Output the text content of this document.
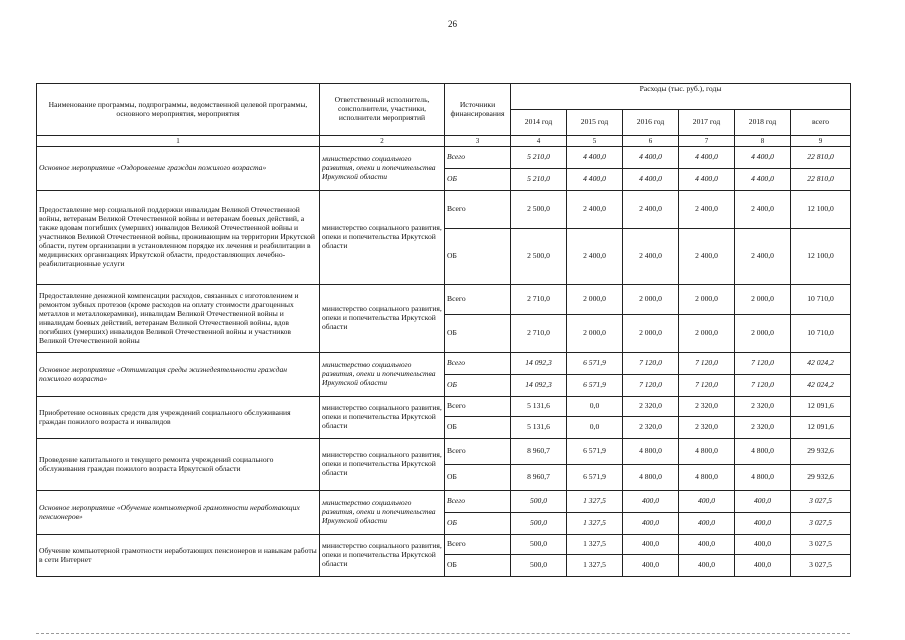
26
Наименование программы, подпрограммы, ведомственной целевой программы, основного мероприятия, мероприятия	Ответственный исполнитель, соисполнители, участники, исполнители мероприятий	Источники финансирования	Расходы (тыс. руб.), годы					
			2014 год	2015 год	2016 год	2017 год	2018 год	всего
1	2	3	4	5	6	7	8	9
Основное мероприятие «Оздоровление граждан пожилого возраста»	министерство социального развития, опеки и попечительства Иркутской области	Всего	5 210,0	4 400,0	4 400,0	4 400,0	4 400,0	22 810,0
		ОБ	5 210,0	4 400,0	4 400,0	4 400,0	4 400,0	22 810,0
Предоставление мер социальной поддержки инвалидам Великой Отечественной войны, ветеранам Великой Отечественной войны и ветеранам боевых действий, а также вдовам погибших (умерших) инвалидов Великой Отечественной войны и участников Великой Отечественной войны, проживающим на территории Иркутской области, путем организации в установленном порядке их лечения и реабилитации в медицинских организациях Иркутской области, предоставляющих лечебно-реабилитационные услуги	министерство социального развития, опеки и попечительства Иркутской области	Всего	2 500,0	2 400,0	2 400,0	2 400,0	2 400,0	12 100,0
		ОБ	2 500,0	2 400,0	2 400,0	2 400,0	2 400,0	12 100,0
Предоставление денежной компенсации расходов, связанных с изготовлением и ремонтом зубных протезов (кроме расходов на оплату стоимости драгоценных металлов и металлокерамики), инвалидам Великой Отечественной войны и инвалидам боевых действий, ветеранам Великой Отечественной войны, вдов погибших (умерших) инвалидов Великой Отечественной войны и участников Великой Отечественной войны	министерство социального развития, опеки и попечительства Иркутской области	Всего	2 710,0	2 000,0	2 000,0	2 000,0	2 000,0	10 710,0
		ОБ	2 710,0	2 000,0	2 000,0	2 000,0	2 000,0	10 710,0
Основное мероприятие «Оптимизация среды жизнедеятельности граждан пожилого возраста»	министерство социального развития, опеки и попечительства Иркутской области	Всего	14 092,3	6 571,9	7 120,0	7 120,0	7 120,0	42 024,2
		ОБ	14 092,3	6 571,9	7 120,0	7 120,0	7 120,0	42 024,2
Приобретение основных средств для учреждений социального обслуживания граждан пожилого возраста и инвалидов	министерство социального развития, опеки и попечительства Иркутской области	Всего	5 131,6	0,0	2 320,0	2 320,0	2 320,0	12 091,6
		ОБ	5 131,6	0,0	2 320,0	2 320,0	2 320,0	12 091,6
Проведение капитального и текущего ремонта учреждений социального обслуживания граждан пожилого возраста Иркутской области	министерство социального развития, опеки и попечительства Иркутской области	Всего	8 960,7	6 571,9	4 800,0	4 800,0	4 800,0	29 932,6
		ОБ	8 960,7	6 571,9	4 800,0	4 800,0	4 800,0	29 932,6
Основное мероприятие «Обучение компьютерной грамотности неработающих пенсионеров»	министерство социального развития, опеки и попечительства Иркутской области	Всего	500,0	1 327,5	400,0	400,0	400,0	3 027,5
		ОБ	500,0	1 327,5	400,0	400,0	400,0	3 027,5
Обучение компьютерной грамотности неработающих пенсионеров и навыкам работы в сети Интернет	министерство социального развития, опеки и попечительства Иркутской области	Всего	500,0	1 327,5	400,0	400,0	400,0	3 027,5
		ОБ	500,0	1 327,5	400,0	400,0	400,0	3 027,5
